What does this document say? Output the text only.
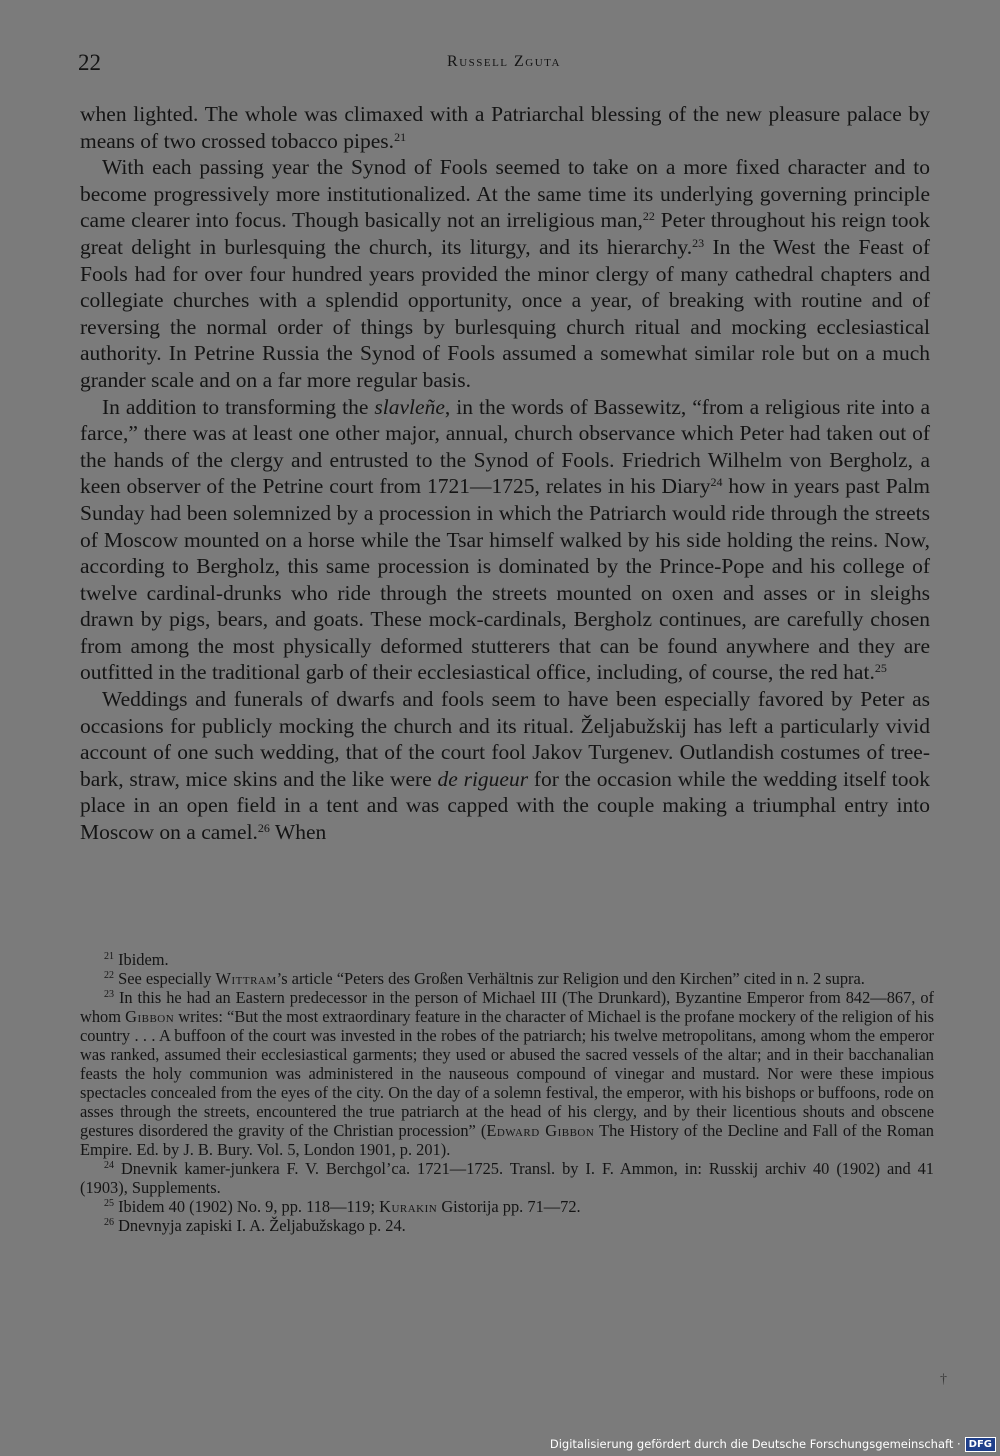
22	Russell Zguta

when lighted. The whole was climaxed with a Patriarchal blessing of the new pleasure palace by means of two crossed tobacco pipes.$^{21}$

With each passing year the Synod of Fools seemed to take on a more fixed character and to become progressively more institutionalized. At the same time its underlying governing principle came clearer into focus. Though basically not an irreligious man,$^{22}$ Peter throughout his reign took great delight in burlesquing the church, its liturgy, and its hierarchy.$^{23}$ In the West the Feast of Fools had for over four hundred years provided the minor clergy of many cathedral chapters and collegiate churches with a splendid opportunity, once a year, of breaking with routine and of reversing the normal order of things by burlesquing church ritual and mocking ecclesiastical authority. In Petrine Russia the Synod of Fools assumed a somewhat similar role but on a much grander scale and on a far more regular basis.

In addition to transforming the slavleñe, in the words of Bassewitz, “from a religious rite into a farce,” there was at least one other major, annual, church observance which Peter had taken out of the hands of the clergy and entrusted to the Synod of Fools. Friedrich Wilhelm von Bergholz, a keen observer of the Petrine court from 1721—1725, relates in his Diary$^{24}$ how in years past Palm Sunday had been solemnized by a procession in which the Patriarch would ride through the streets of Moscow mounted on a horse while the Tsar himself walked by his side holding the reins. Now, according to Bergholz, this same procession is dominated by the Prince-Pope and his college of twelve cardinal-drunks who ride through the streets mounted on oxen and asses or in sleighs drawn by pigs, bears, and goats. These mock-cardinals, Bergholz continues, are carefully chosen from among the most physically deformed stutterers that can be found anywhere and they are outfitted in the traditional garb of their ecclesiastical office, including, of course, the red hat.$^{25}$

Weddings and funerals of dwarfs and fools seem to have been especially favored by Peter as occasions for publicly mocking the church and its ritual. Željabužskij has left a particularly vivid account of one such wedding, that of the court fool Jakov Turgenev. Outlandish costumes of tree-bark, straw, mice skins and the like were de rigueur for the occasion while the wedding itself took place in an open field in a tent and was capped with the couple making a triumphal entry into Moscow on a camel.$^{26}$ When

$^{21}$ Ibidem.

$^{22}$ See especially Wittram’s article “Peters des Großen Verhältnis zur Religion und den Kirchen” cited in n. 2 supra.

$^{23}$ In this he had an Eastern predecessor in the person of Michael III (The Drunkard), Byzantine Emperor from 842—867, of whom Gibbon writes: “But the most extraordinary feature in the character of Michael is the profane mockery of the religion of his country . . . A buffoon of the court was invested in the robes of the patriarch; his twelve metropolitans, among whom the emperor was ranked, assumed their ecclesiastical garments; they used or abused the sacred vessels of the altar; and in their bacchanalian feasts the holy communion was administered in the nauseous compound of vinegar and mustard. Nor were these impious spectacles concealed from the eyes of the city. On the day of a solemn festival, the emperor, with his bishops or buffoons, rode on asses through the streets, encountered the true patriarch at the head of his clergy, and by their licentious shouts and obscene gestures disordered the gravity of the Christian procession” (Edward Gibbon The History of the Decline and Fall of the Roman Empire. Ed. by J. B. Bury. Vol. 5, London 1901, p. 201).

$^{24}$ Dnevnik kamer-junkera F. V. Berchgol’ca. 1721—1725. Transl. by I. F. Ammon, in: Russkij archiv 40 (1902) and 41 (1903), Supplements.

$^{25}$ Ibidem 40 (1902) No. 9, pp. 118—119; Kurakin Gistorija pp. 71—72.

$^{26}$ Dnevnyja zapiski I. A. Željabužskago p. 24.

†
Digitalisierung gefördert durch die Deutsche Forschungsgemeinschaft · DFG
